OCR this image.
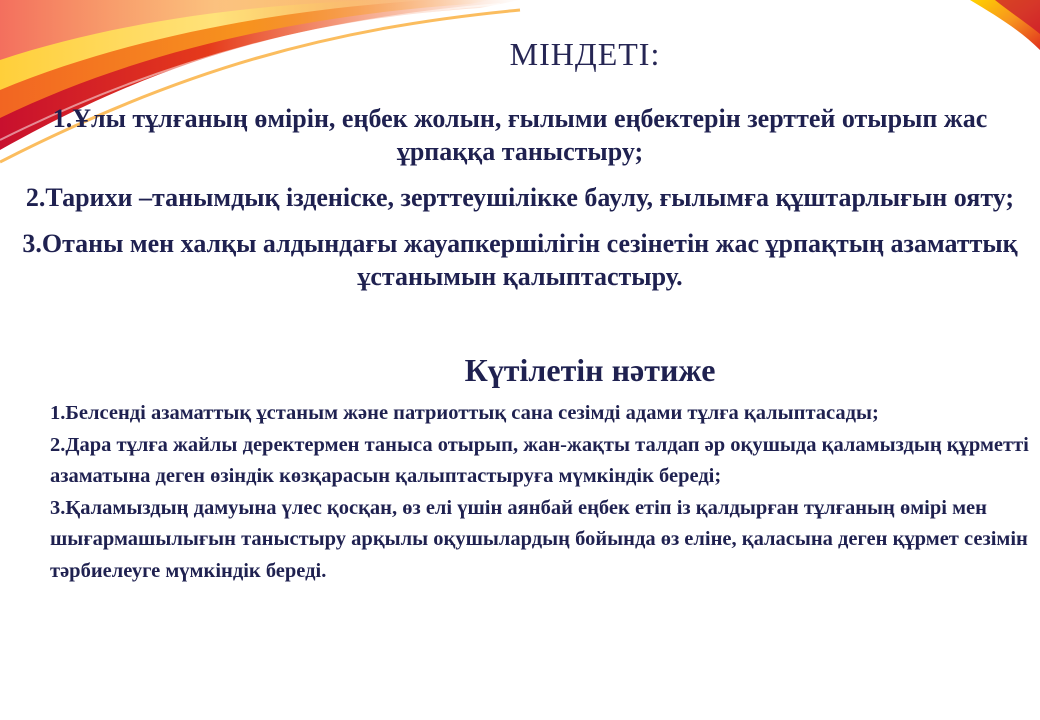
МІНДЕТІ:

1.Ұлы тұлғаның өмірін, еңбек жолын, ғылыми еңбектерін зерттей отырып жас ұрпаққа таныстыру;

2.Тарихи –танымдық ізденіске, зерттеушілікке баулу, ғылымға құштарлығын ояту;

3.Отаны мен халқы алдындағы жауапкершілігін сезінетін жас ұрпақтың азаматтық ұстанымын қалыптастыру.

Күтілетін нәтиже

1.Белсенді азаматтық ұстаным және патриоттық сана сезімді адами тұлға қалыптасады;

2.Дара тұлға жайлы деректермен таныса отырып, жан-жақты талдап әр оқушыда қаламыздың құрметті азаматына деген өзіндік көзқарасын қалыптастыруға мүмкіндік береді;

3.Қаламыздың дамуына үлес қосқан, өз елі үшін аянбай еңбек етіп із қалдырған тұлғаның өмірі мен шығармашылығын таныстыру арқылы оқушылардың бойында өз еліне, қаласына деген құрмет сезімін тәрбиелеуге мүмкіндік береді.
